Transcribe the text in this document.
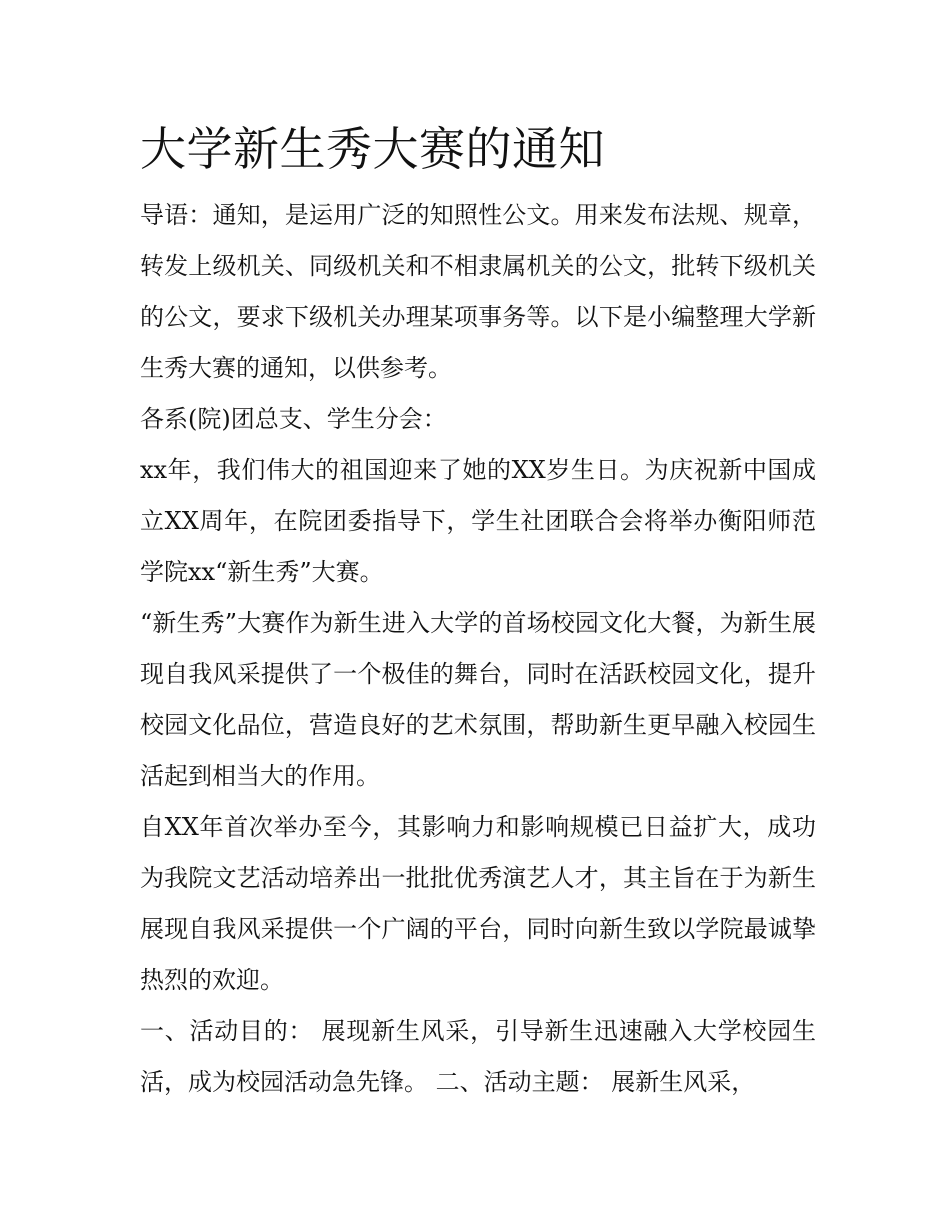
大学新生秀大赛的通知

导语：通知，是运用广泛的知照性公文。用来发布法规、规章，转发上级机关、同级机关和不相隶属机关的公文，批转下级机关的公文，要求下级机关办理某项事务等。以下是小编整理大学新生秀大赛的通知，以供参考。

各系(院)团总支、学生分会：

xx年，我们伟大的祖国迎来了她的XX岁生日。为庆祝新中国成立XX周年，在院团委指导下，学生社团联合会将举办衡阳师范学院xx“新生秀”大赛。

“新生秀”大赛作为新生进入大学的首场校园文化大餐，为新生展现自我风采提供了一个极佳的舞台，同时在活跃校园文化，提升校园文化品位，营造良好的艺术氛围，帮助新生更早融入校园生活起到相当大的作用。

自XX年首次举办至今，其影响力和影响规模已日益扩大，成功为我院文艺活动培养出一批批优秀演艺人才，其主旨在于为新生展现自我风采提供一个广阔的平台，同时向新生致以学院最诚挚热烈的欢迎。

一、活动目的： 展现新生风采，引导新生迅速融入大学校园生活，成为校园活动急先锋。 二、活动主题： 展新生风采，
